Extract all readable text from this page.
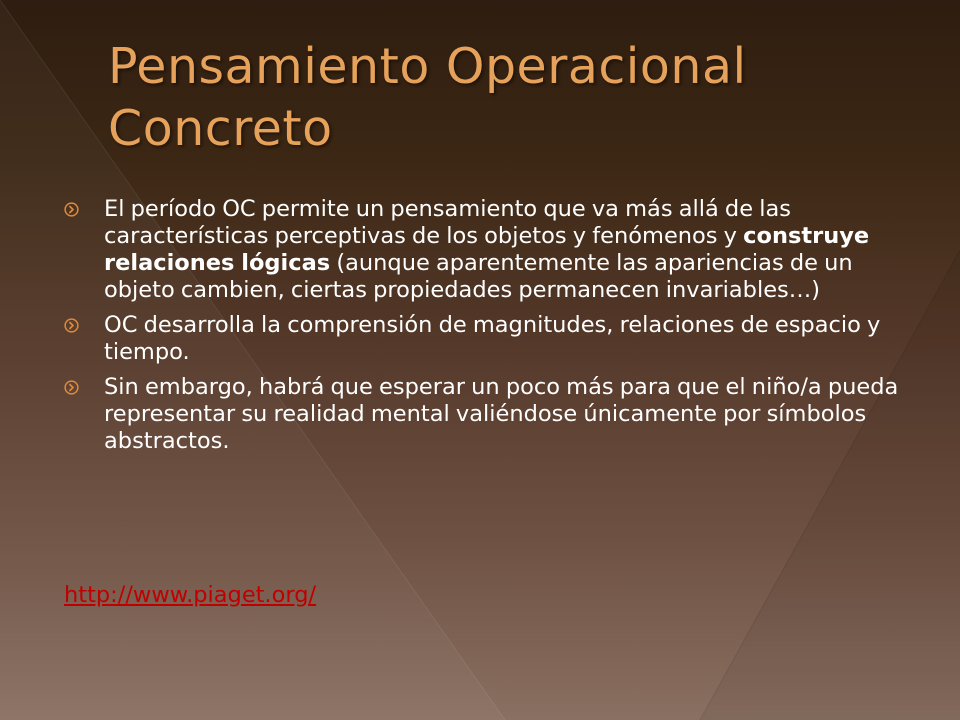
Pensamiento Operacional Concreto
El período OC permite un pensamiento que va más allá de las características perceptivas de los objetos y fenómenos y construye relaciones lógicas (aunque aparentemente las apariencias de un objeto cambien, ciertas propiedades permanecen invariables…)
OC desarrolla la comprensión de magnitudes, relaciones de espacio y tiempo.
Sin embargo, habrá que esperar un poco más para que el niño/a pueda representar su realidad mental valiéndose únicamente por símbolos abstractos.
http://www.piaget.org/
